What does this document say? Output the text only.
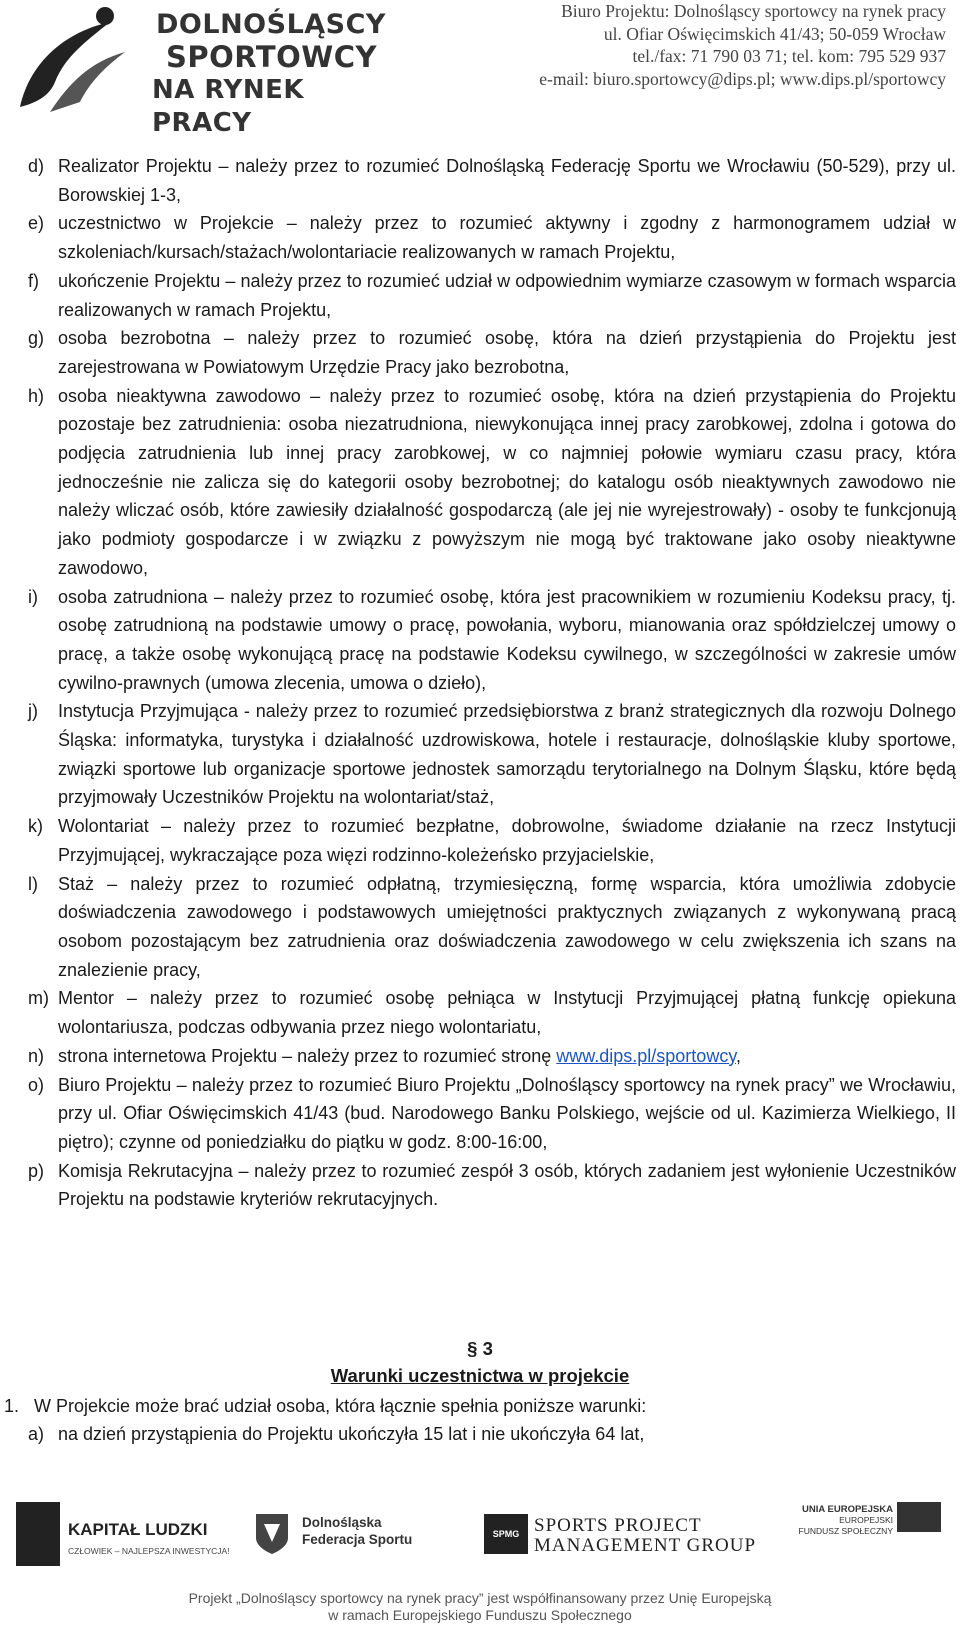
DOLNOŚLĄSCY
SPORTOWCY
NA RYNEK PRACY
Biuro Projektu: Dolnośląscy sportowcy na rynek pracy
ul. Ofiar Oświęcimskich 41/43; 50-059 Wrocław
tel./fax: 71 790 03 71; tel. kom: 795 529 937
e-mail: biuro.sportowcy@dips.pl; www.dips.pl/sportowcy
d) Realizator Projektu – należy przez to rozumieć Dolnośląską Federację Sportu we Wrocławiu (50-529), przy ul. Borowskiej 1-3,
e) uczestnictwo w Projekcie – należy przez to rozumieć aktywny i zgodny z harmonogramem udział w szkoleniach/kursach/stażach/wolontariacie realizowanych w ramach Projektu,
f)	ukończenie Projektu – należy przez to rozumieć udział w odpowiednim wymiarze czasowym w formach wsparcia realizowanych w ramach Projektu,
g) osoba bezrobotna – należy przez to rozumieć osobę, która na dzień przystąpienia do Projektu jest zarejestrowana w Powiatowym Urzędzie Pracy jako bezrobotna,
h) osoba nieaktywna zawodowo – należy przez to rozumieć osobę, która na dzień przystąpienia do Projektu pozostaje bez zatrudnienia: osoba niezatrudniona, niewykonująca innej pracy zarobkowej, zdolna i gotowa do podjęcia zatrudnienia lub innej pracy zarobkowej, w co najmniej połowie wymiaru czasu pracy, która jednocześnie nie zalicza się do kategorii osoby bezrobotnej; do katalogu osób nieaktywnych zawodowo nie należy wliczać osób, które zawiesiły działalność gospodarczą (ale jej nie wyrejestrowały) - osoby te funkcjonują jako podmioty gospodarcze i w związku z powyższym nie mogą być traktowane jako osoby nieaktywne zawodowo,
i)	osoba zatrudniona – należy przez to rozumieć osobę, która jest pracownikiem w rozumieniu Kodeksu pracy, tj. osobę zatrudnioną na podstawie umowy o pracę, powołania, wyboru, mianowania oraz spółdzielczej umowy o pracę, a także osobę wykonującą pracę na podstawie Kodeksu cywilnego, w szczególności w zakresie umów cywilno-prawnych (umowa zlecenia, umowa o dzieło),
j)	Instytucja Przyjmująca - należy przez to rozumieć przedsiębiorstwa z branż strategicznych dla rozwoju Dolnego Śląska: informatyka, turystyka i działalność uzdrowiskowa, hotele i restauracje, dolnośląskie kluby sportowe, związki sportowe lub organizacje sportowe jednostek samorządu terytorialnego na Dolnym Śląsku, które będą przyjmowały Uczestników Projektu na wolontariat/staż,
k) Wolontariat – należy przez to rozumieć bezpłatne, dobrowolne, świadome działanie na rzecz Instytucji Przyjmującej, wykraczające poza więzi rodzinno-koleżeńsko przyjacielskie,
l)	Staż – należy przez to rozumieć odpłatną, trzymiesięczną, formę wsparcia, która umożliwia zdobycie doświadczenia zawodowego i podstawowych umiejętności praktycznych związanych z wykonywaną pracą osobom pozostającym bez zatrudnienia oraz doświadczenia zawodowego w celu zwiększenia ich szans na znalezienie pracy,
m) Mentor – należy przez to rozumieć osobę pełniąca w Instytucji Przyjmującej płatną funkcję opiekuna wolontariusza, podczas odbywania przez niego wolontariatu,
n) strona internetowa Projektu – należy przez to rozumieć stronę www.dips.pl/sportowcy,
o) Biuro Projektu – należy przez to rozumieć Biuro Projektu „Dolnośląscy sportowcy na rynek pracy” we Wrocławiu, przy ul. Ofiar Oświęcimskich 41/43 (bud. Narodowego Banku Polskiego, wejście od ul. Kazimierza Wielkiego, II piętro); czynne od poniedziałku do piątku w godz. 8:00-16:00,
p) Komisja Rekrutacyjna – należy przez to rozumieć zespół 3 osób, których zadaniem jest wyłonienie Uczestników Projektu na podstawie kryteriów rekrutacyjnych.
§ 3
Warunki uczestnictwa w projekcie
1. W Projekcie może brać udział osoba, która łącznie spełnia poniższe warunki:
a) na dzień przystąpienia do Projektu ukończyła 15 lat i nie ukończyła 64 lat,
KAPITAŁ LUDZKI
CZŁOWIEK – NAJLEPSZA INWESTYCJA!
Dolnośląska Federacja Sportu	SPMG SPORTS PROJECT
MANAGEMENT GROUP
UNIA EUROPEJSKA
EUROPEJSKI
FUNDUSZ SPOŁECZNY
Projekt „Dolnośląscy sportowcy na rynek pracy” jest współfinansowany przez Unię Europejską
w ramach Europejskiego Funduszu Społecznego
